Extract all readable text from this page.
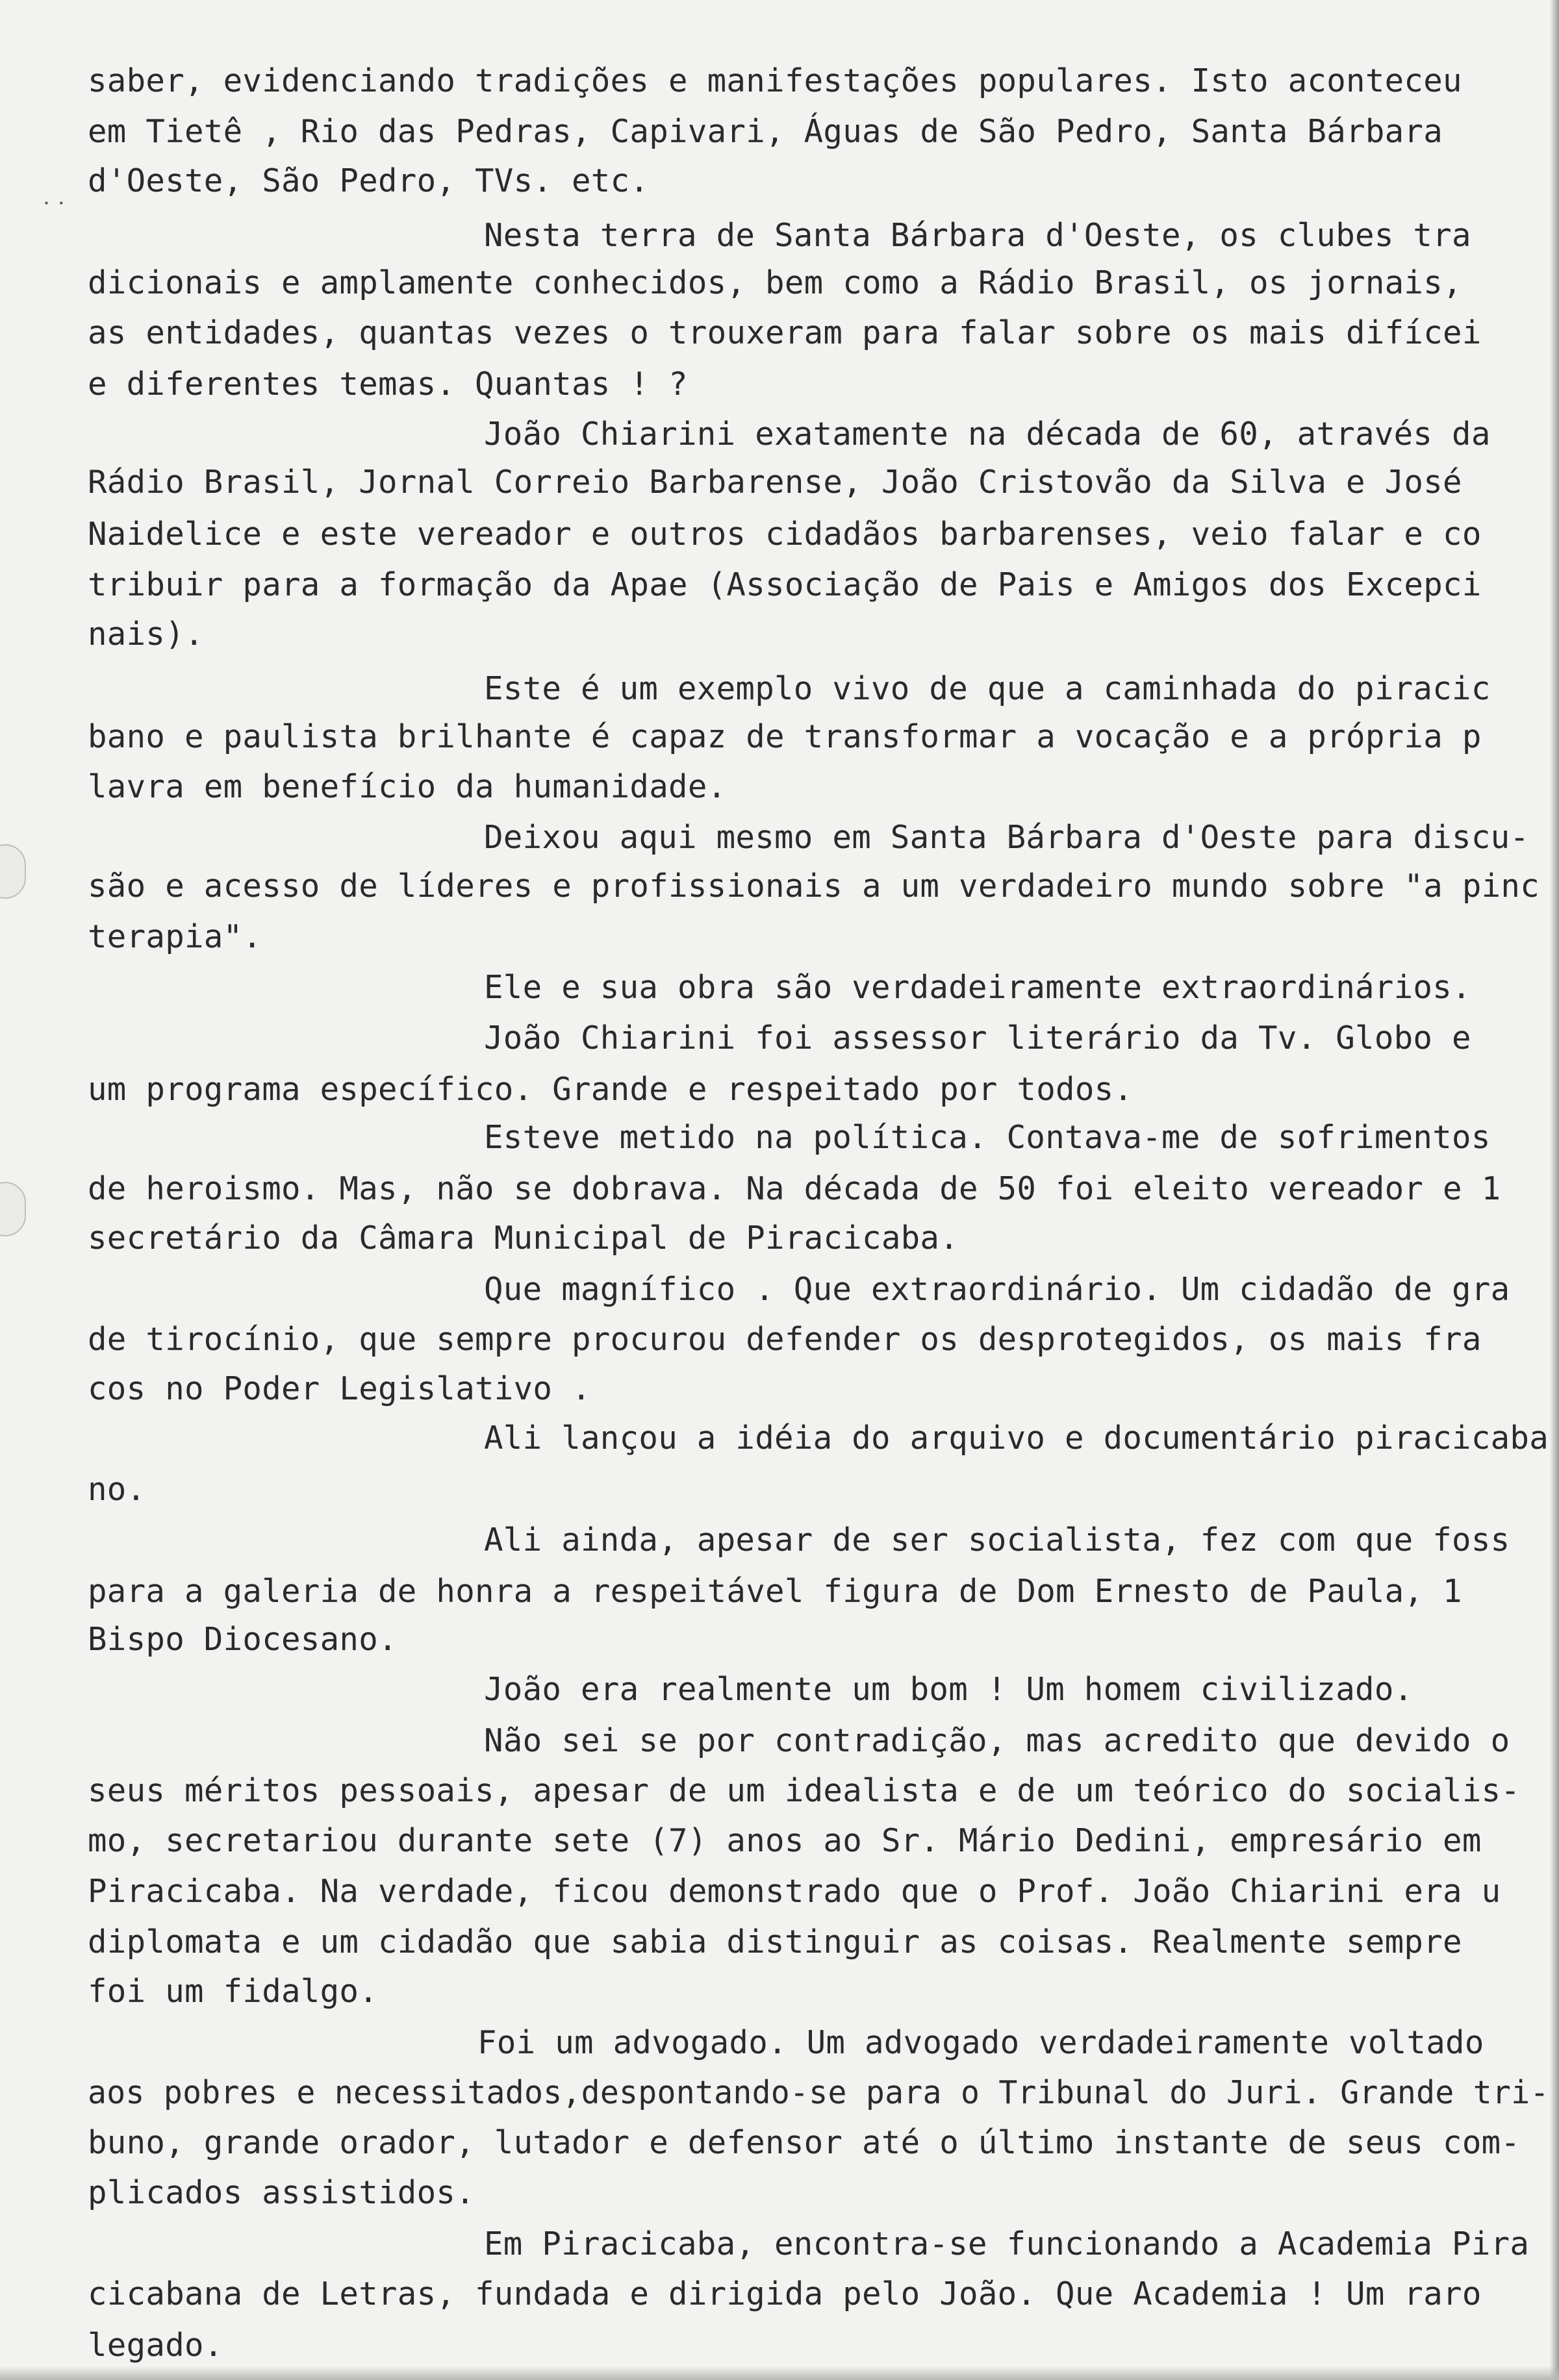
saber, evidenciando tradições e manifestações populares. Isto aconteceu
em Tietê , Rio das Pedras, Capivari, Águas de São Pedro, Santa Bárbara
d'Oeste, São Pedro, TVs. etc.
Nesta terra de Santa Bárbara d'Oeste, os clubes tra
dicionais e amplamente conhecidos, bem como a Rádio Brasil, os jornais,
as entidades, quantas vezes o trouxeram para falar sobre os mais difícei
e diferentes temas. Quantas ! ?
João Chiarini exatamente na década de 60, através da
Rádio Brasil, Jornal Correio Barbarense, João Cristovão da Silva e José
Naidelice e este vereador e outros cidadãos barbarenses, veio falar e co
tribuir para a formação da Apae (Associação de Pais e Amigos dos Excepci
nais).
Este é um exemplo vivo de que a caminhada do piracic
bano e paulista brilhante é capaz de transformar a vocação e a própria p
lavra em benefício da humanidade.
Deixou aqui mesmo em Santa Bárbara d'Oeste para discu-
são e acesso de líderes e profissionais a um verdadeiro mundo sobre "a pinc
terapia".
Ele e sua obra são verdadeiramente extraordinários.
João Chiarini foi assessor literário da Tv. Globo e
um programa específico. Grande e respeitado por todos.
Esteve metido na política. Contava-me de sofrimentos
de heroismo. Mas, não se dobrava. Na década de 50 foi eleito vereador e 1
secretário da Câmara Municipal de Piracicaba.
Que magnífico . Que extraordinário. Um cidadão de gra
de tirocínio, que sempre procurou defender os desprotegidos, os mais fra
cos no Poder Legislativo .
Ali lançou a idéia do arquivo e documentário piracicaba
no.
Ali ainda, apesar de ser socialista, fez com que foss
para a galeria de honra a respeitável figura de Dom Ernesto de Paula, 1
Bispo Diocesano.
João era realmente um bom ! Um homem civilizado.
Não sei se por contradição, mas acredito que devido o
seus méritos pessoais, apesar de um idealista e de um teórico do socialis-
mo, secretariou durante sete (7) anos ao Sr. Mário Dedini, empresário em
Piracicaba. Na verdade, ficou demonstrado que o Prof. João Chiarini era u
diplomata e um cidadão que sabia distinguir as coisas. Realmente sempre
foi um fidalgo.
Foi um advogado. Um advogado verdadeiramente voltado
aos pobres e necessitados,despontando-se para o Tribunal do Juri. Grande tri-
buno, grande orador, lutador e defensor até o último instante de seus com-
plicados assistidos.
Em Piracicaba, encontra-se funcionando a Academia Pira
cicabana de Letras, fundada e dirigida pelo João. Que Academia ! Um raro
legado.
˙˙
